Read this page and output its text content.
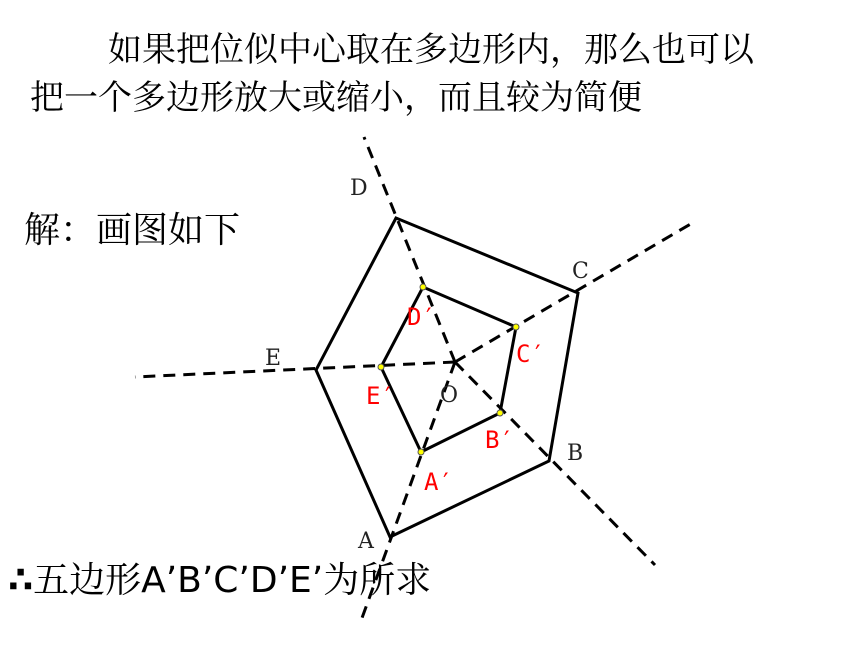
如果把位似中心取在多边形内，那么也可以
把一个多边形放大或缩小，而且较为简便
解：画图如下
D
C
E
B
A
O
D′
C′
E′
B′
A′
∴五边形A’B’C’D’E’为所求
